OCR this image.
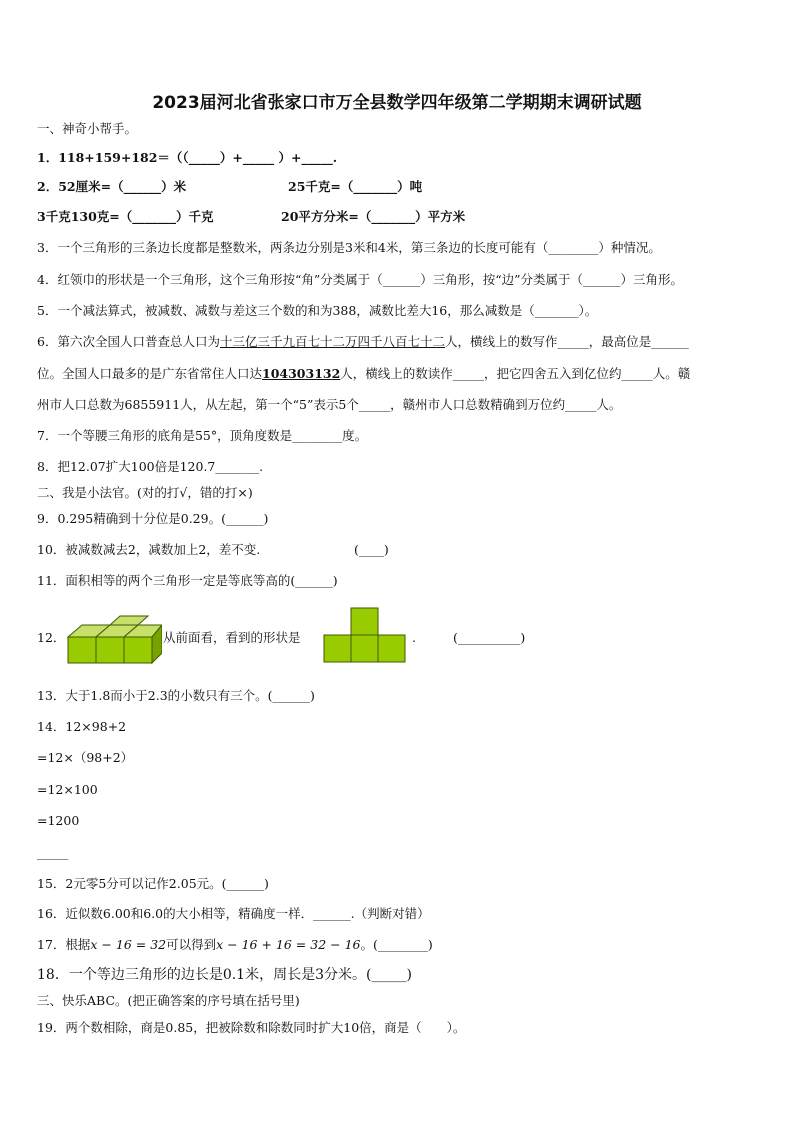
2023届河北省张家口市万全县数学四年级第二学期期末调研试题
一、神奇小帮手。
1．118+159+182＝（（_____）+_____ ）+_____.
2．52厘米=（______）米	25千克=（_______）吨
3千克130克=（_______）千克	20平方分米=（_______）平方米
3．一个三角形的三条边长度都是整数米，两条边分别是3米和4米，第三条边的长度可能有（________）种情况。
4．红领巾的形状是一个三角形，这个三角形按“角”分类属于（______）三角形，按“边”分类属于（______）三角形。
5．一个减法算式，被减数、减数与差这三个数的和为388，减数比差大16，那么减数是（_______）。
6．第六次全国人口普查总人口为十三亿三千九百七十二万四千八百七十二人，横线上的数写作_____，最高位是______
位。全国人口最多的是广东省常住人口达104303132人，横线上的数读作_____，把它四舍五入到亿位约_____人。赣
州市人口总数为6855911人，从左起，第一个“5”表示5个_____，赣州市人口总数精确到万位约_____人。
7．一个等腰三角形的底角是55°，顶角度数是________度。
8．把12.07扩大100倍是120.7_______.
二、我是小法官。(对的打√，错的打×)
9．0.295精确到十分位是0.29。(______)
10．被减数减去2，减数加上2，差不变.	(____)
11．面积相等的两个三角形一定是等底等高的(______)
12．	从前面看，看到的形状是	.	(__________)
13．大于1.8而小于2.3的小数只有三个。(______)
14．12×98+2
=12×（98+2）
=12×100
=1200
_____
15．2元零5分可以记作2.05元。(______)
16．近似数6.00和6.0的大小相等，精确度一样．______.（判断对错）
17．根据x − 16 = 32可以得到x − 16 + 16 = 32 − 16。(________)
18．一个等边三角形的边长是0.1米，周长是3分米。(_____)
三、快乐ABC。(把正确答案的序号填在括号里)
19．两个数相除，商是0.85，把被除数和除数同时扩大10倍，商是（　　）。
